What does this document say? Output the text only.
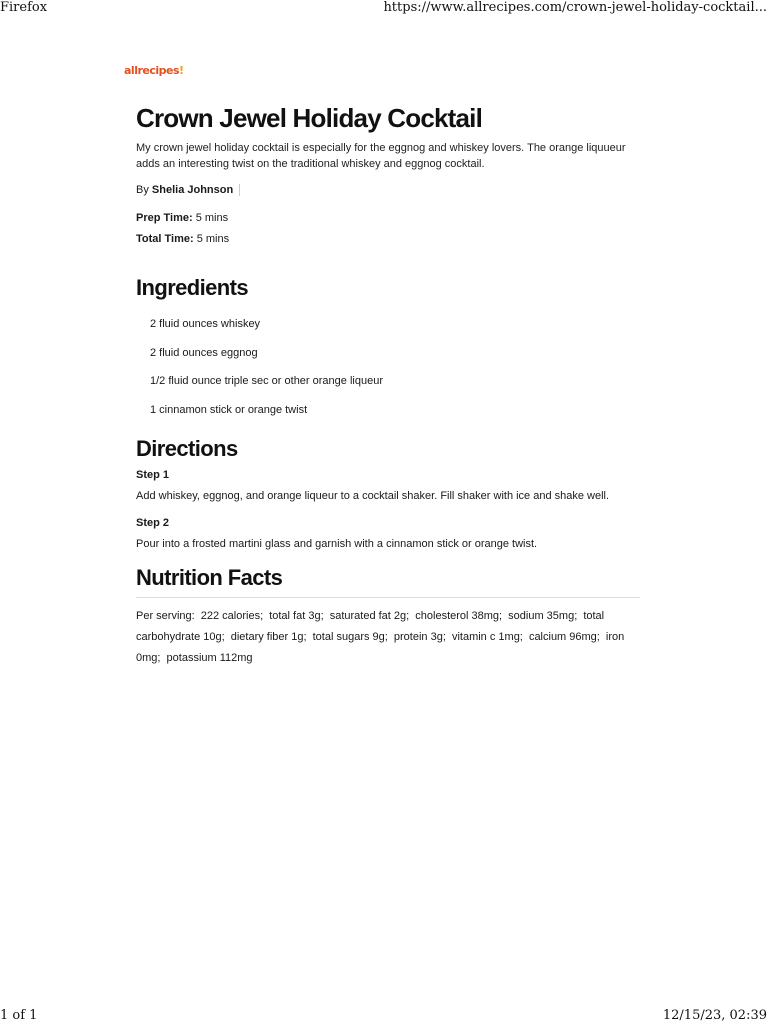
Firefox	https://www.allrecipes.com/crown-jewel-holiday-cocktail...
allrecipes!
Crown Jewel Holiday Cocktail
My crown jewel holiday cocktail is especially for the eggnog and whiskey lovers. The orange liquueur adds an interesting twist on the traditional whiskey and eggnog cocktail.
By Shelia Johnson
Prep Time: 5 mins
Total Time: 5 mins
Ingredients
2 fluid ounces whiskey
2 fluid ounces eggnog
1/2 fluid ounce triple sec or other orange liqueur
1 cinnamon stick or orange twist
Directions
Step 1
Add whiskey, eggnog, and orange liqueur to a cocktail shaker. Fill shaker with ice and shake well.
Step 2
Pour into a frosted martini glass and garnish with a cinnamon stick or orange twist.
Nutrition Facts
Per serving: 222 calories; total fat 3g; saturated fat 2g; cholesterol 38mg; sodium 35mg; total carbohydrate 10g; dietary fiber 1g; total sugars 9g; protein 3g; vitamin c 1mg; calcium 96mg; iron 0mg; potassium 112mg
1 of 1	12/15/23, 02:39
